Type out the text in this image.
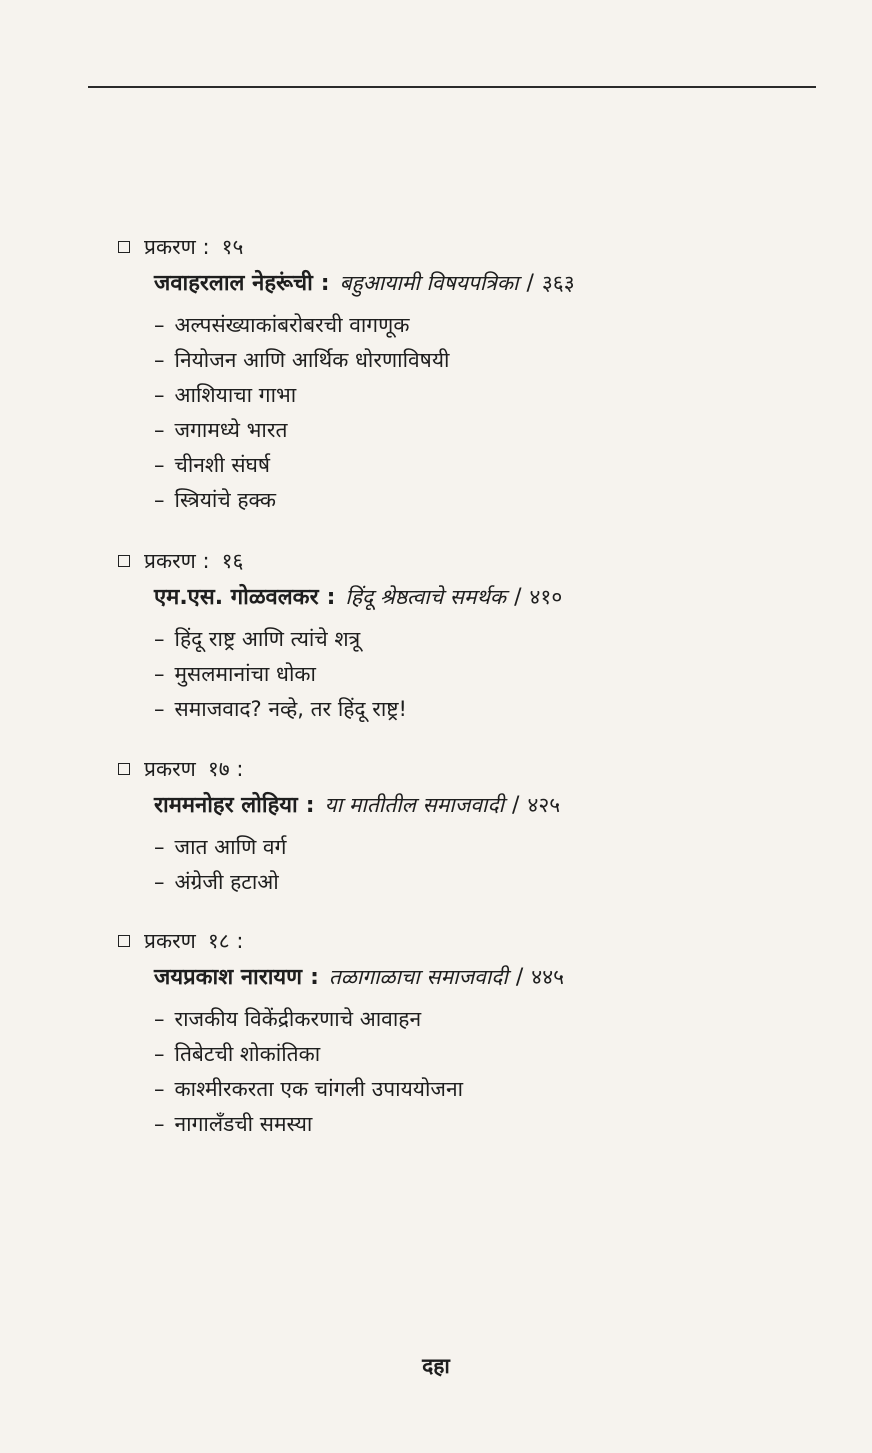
प्रकरण : १५
जवाहरलाल नेहरूंची : बहुआयामी विषयपत्रिका / ३६३
– अल्पसंख्याकांबरोबरची वागणूक
– नियोजन आणि आर्थिक धोरणाविषयी
– आशियाचा गाभा
– जगामध्ये भारत
– चीनशी संघर्ष
– स्त्रियांचे हक्क
प्रकरण : १६
एम.एस. गोळवलकर : हिंदू श्रेष्ठत्वाचे समर्थक / ४१०
– हिंदू राष्ट्र आणि त्यांचे शत्रू
– मुसलमानांचा धोका
– समाजवाद? नव्हे, तर हिंदू राष्ट्र!
प्रकरण १७ :
राममनोहर लोहिया : या मातीतील समाजवादी / ४२५
– जात आणि वर्ग
– अंग्रेजी हटाओ
प्रकरण १८ :
जयप्रकाश नारायण : तळागाळाचा समाजवादी / ४४५
– राजकीय विकेंद्रीकरणाचे आवाहन
– तिबेटची शोकांतिका
– काश्मीरकरता एक चांगली उपाययोजना
– नागालँडची समस्या
दहा
